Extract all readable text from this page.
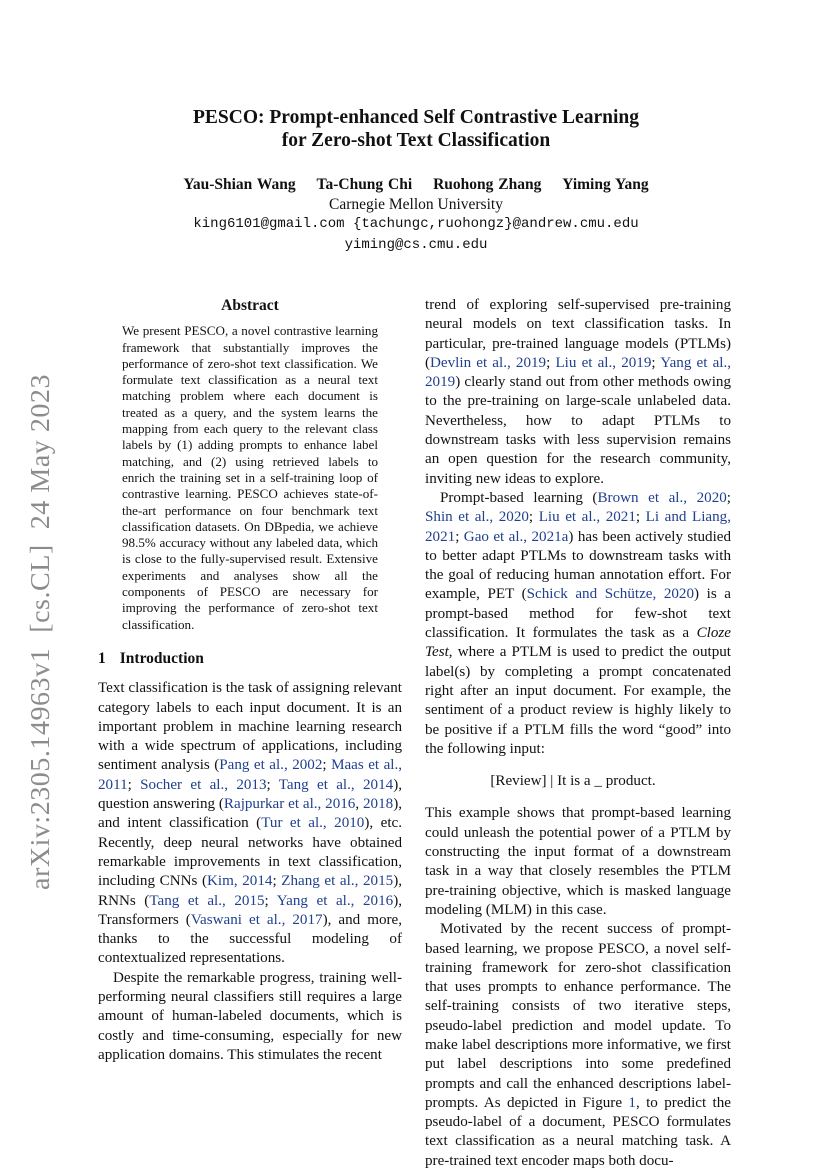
arXiv:2305.14963v1  [cs.CL]  24 May 2023
PESCO: Prompt-enhanced Self Contrastive Learning
for Zero-shot Text Classification
Yau-Shian Wang Ta-Chung Chi Ruohong Zhang Yiming Yang
Carnegie Mellon University
king6101@gmail.com {tachungc,ruohongz}@andrew.cmu.edu
yiming@cs.cmu.edu
Abstract
We present PESCO, a novel contrastive learning framework that substantially improves the performance of zero-shot text classification. We formulate text classification as a neural text matching problem where each document is treated as a query, and the system learns the mapping from each query to the relevant class labels by (1) adding prompts to enhance label matching, and (2) using retrieved labels to enrich the training set in a self-training loop of contrastive learning. PESCO achieves state-of-the-art performance on four benchmark text classification datasets. On DBpedia, we achieve 98.5% accuracy without any labeled data, which is close to the fully-supervised result. Extensive experiments and analyses show all the components of PESCO are necessary for improving the performance of zero-shot text classification.
1 Introduction

Text classification is the task of assigning relevant category labels to each input document. It is an important problem in machine learning research with a wide spectrum of applications, including sentiment analysis (Pang et al., 2002; Maas et al., 2011; Socher et al., 2013; Tang et al., 2014), question answering (Rajpurkar et al., 2016, 2018), and intent classification (Tur et al., 2010), etc. Recently, deep neural networks have obtained remarkable improvements in text classification, including CNNs (Kim, 2014; Zhang et al., 2015), RNNs (Tang et al., 2015; Yang et al., 2016), Transformers (Vaswani et al., 2017), and more, thanks to the successful modeling of contextualized representations.

Despite the remarkable progress, training well-performing neural classifiers still requires a large amount of human-labeled documents, which is costly and time-consuming, especially for new application domains. This stimulates the recent

trend of exploring self-supervised pre-training neural models on text classification tasks. In particular, pre-trained language models (PTLMs) (Devlin et al., 2019; Liu et al., 2019; Yang et al., 2019) clearly stand out from other methods owing to the pre-training on large-scale unlabeled data. Nevertheless, how to adapt PTLMs to downstream tasks with less supervision remains an open question for the research community, inviting new ideas to explore.

Prompt-based learning (Brown et al., 2020; Shin et al., 2020; Liu et al., 2021; Li and Liang, 2021; Gao et al., 2021a) has been actively studied to better adapt PTLMs to downstream tasks with the goal of reducing human annotation effort. For example, PET (Schick and Schütze, 2020) is a prompt-based method for few-shot text classification. It formulates the task as a Cloze Test, where a PTLM is used to predict the output label(s) by completing a prompt concatenated right after an input document. For example, the sentiment of a product review is highly likely to be positive if a PTLM fills the word “good” into the following input:

[Review] | It is a _ product.

This example shows that prompt-based learning could unleash the potential power of a PTLM by constructing the input format of a downstream task in a way that closely resembles the PTLM pre-training objective, which is masked language modeling (MLM) in this case.

Motivated by the recent success of prompt-based learning, we propose PESCO, a novel self-training framework for zero-shot classification that uses prompts to enhance performance. The self-training consists of two iterative steps, pseudo-label prediction and model update. To make label descriptions more informative, we first put label descriptions into some predefined prompts and call the enhanced descriptions label-prompts. As depicted in Figure 1, to predict the pseudo-label of a document, PESCO formulates text classification as a neural matching task. A pre-trained text encoder maps both docu-
